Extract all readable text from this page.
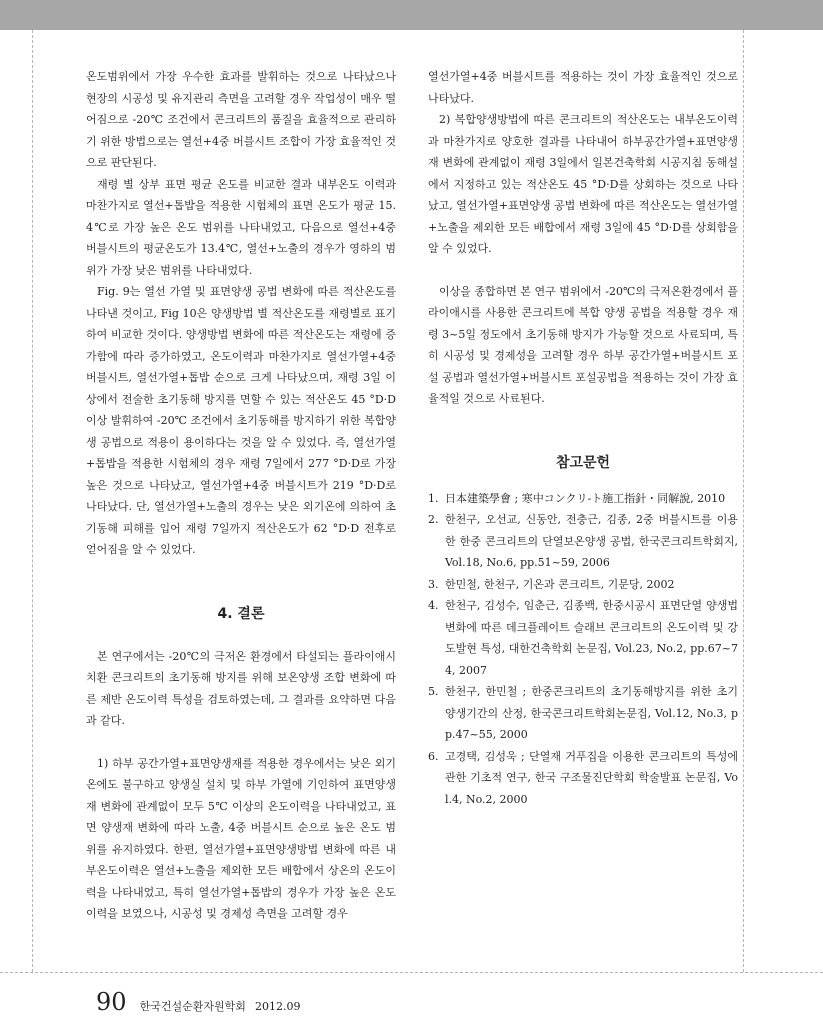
온도범위에서 가장 우수한 효과를 발휘하는 것으로 나타났으나 현장의 시공성 및 유지관리 측면을 고려할 경우 작업성이 매우 떨어짐으로 -20℃ 조건에서 콘크리트의 품질을 효율적으로 관리하기 위한 방법으로는 열선+4중 버블시트 조합이 가장 효율적인 것으로 판단된다.

재령 별 상부 표면 평균 온도를 비교한 결과 내부온도 이력과 마찬가지로 열선+톱밥을 적용한 시험체의 표면 온도가 평균 15.4℃로 가장 높은 온도 범위를 나타내었고, 다음으로 열선+4중 버블시트의 평균온도가 13.4℃, 열선+노출의 경우가 영하의 범위가 가장 낮은 범위를 나타내었다.

Fig. 9는 열선 가열 및 표면양생 공법 변화에 따른 적산온도를 나타낸 것이고, Fig 10은 양생방법 별 적산온도를 재령별로 표기하여 비교한 것이다. 양생방법 변화에 따른 적산온도는 재령에 증가함에 따라 증가하였고, 온도이력과 마찬가지로 열선가열+4중 버블시트, 열선가열+톱밥 순으로 크게 나타났으며, 재령 3일 이상에서 전술한 초기동해 방지를 면할 수 있는 적산온도 45 °D·D 이상 발휘하여 -20℃ 조건에서 초기동해를 방지하기 위한 복합양생 공법으로 적용이 용이하다는 것을 알 수 있었다. 즉, 열선가열+톱밥을 적용한 시험체의 경우 재령 7일에서 277 °D·D로 가장 높은 것으로 나타났고, 열선가열+4중 버블시트가 219 °D·D로 나타났다. 단, 열선가열+노출의 경우는 낮은 외기온에 의하여 초기동해 피해를 입어 재령 7일까지 적산온도가 62 °D·D 전후로 얻어짐을 알 수 있었다.

4. 결론

본 연구에서는 -20℃의 극저온 환경에서 타설되는 플라이애시 치환 콘크리트의 초기동해 방지를 위해 보온양생 조합 변화에 따른 제반 온도이력 특성을 검토하였는데, 그 결과를 요약하면 다음과 같다.

1) 하부 공간가열+표면양생재를 적용한 경우에서는 낮은 외기온에도 불구하고 양생실 설치 및 하부 가열에 기인하여 표면양생재 변화에 관계없이 모두 5℃ 이상의 온도이력을 나타내었고, 표면 양생재 변화에 따라 노출, 4중 버블시트 순으로 높은 온도 범위를 유지하였다. 한편, 열선가열+표면양생방법 변화에 따른 내부온도이력은 열선+노출을 제외한 모든 배합에서 상온의 온도이력을 나타내었고, 특히 열선가열+톱밥의 경우가 가장 높은 온도이력을 보였으나, 시공성 및 경제성 측면을 고려할 경우

열선가열+4중 버블시트를 적용하는 것이 가장 효율적인 것으로 나타났다.

2) 복합양생방법에 따른 콘크리트의 적산온도는 내부온도이력과 마찬가지로 양호한 결과를 나타내어 하부공간가열+표면양생재 변화에 관계없이 재령 3일에서 일본건축학회 시공지침 동해설에서 지정하고 있는 적산온도 45 °D·D를 상회하는 것으로 나타났고, 열선가열+표면양생 공법 변화에 따른 적산온도는 열선가열+노출을 제외한 모든 배합에서 재령 3일에 45 °D·D를 상회함을 알 수 있었다.

이상을 종합하면 본 연구 범위에서 -20℃의 극저온환경에서 플라이애시를 사용한 콘크리트에 복합 양생 공법을 적용할 경우 재령 3~5일 정도에서 초기동해 방지가 가능할 것으로 사료되며, 특히 시공성 및 경제성을 고려할 경우 하부 공간가열+버블시트 포설 공법과 열선가열+버블시트 포설공법을 적용하는 것이 가장 효율적일 것으로 사료된다.

참고문헌
1. 日本建築學會 ; 寒中コンクリ-ト施工指針・同解說, 2010
2. 한천구, 오선교, 신동안, 전충근, 김종, 2중 버블시트를 이용한 한중 콘크리트의 단열보온양생 공법, 한국콘크리트학회지, Vol.18, No.6, pp.51~59, 2006
3. 한민철, 한천구, 기온과 콘크리트, 기문당, 2002
4. 한천구, 김성수, 임춘근, 김종백, 한중시공시 표면단열 양생법 변화에 따른 데크플레이트 슬래브 콘크리트의 온도이력 및 강도발현 특성, 대한건축학회 논문집, Vol.23, No.2, pp.67~74, 2007
5. 한천구, 한민철 ; 한중콘크리트의 초기동해방지를 위한 초기양생기간의 산정, 한국콘크리트학회논문집, Vol.12, No.3, pp.47~55, 2000
6. 고경택, 김성욱 ; 단열재 거푸집을 이용한 콘크리트의 특성에 관한 기초적 연구, 한국 구조물진단학회 학술발표 논문집, Vol.4, No.2, 2000
90 한국건설순환자원학회 2012.09
